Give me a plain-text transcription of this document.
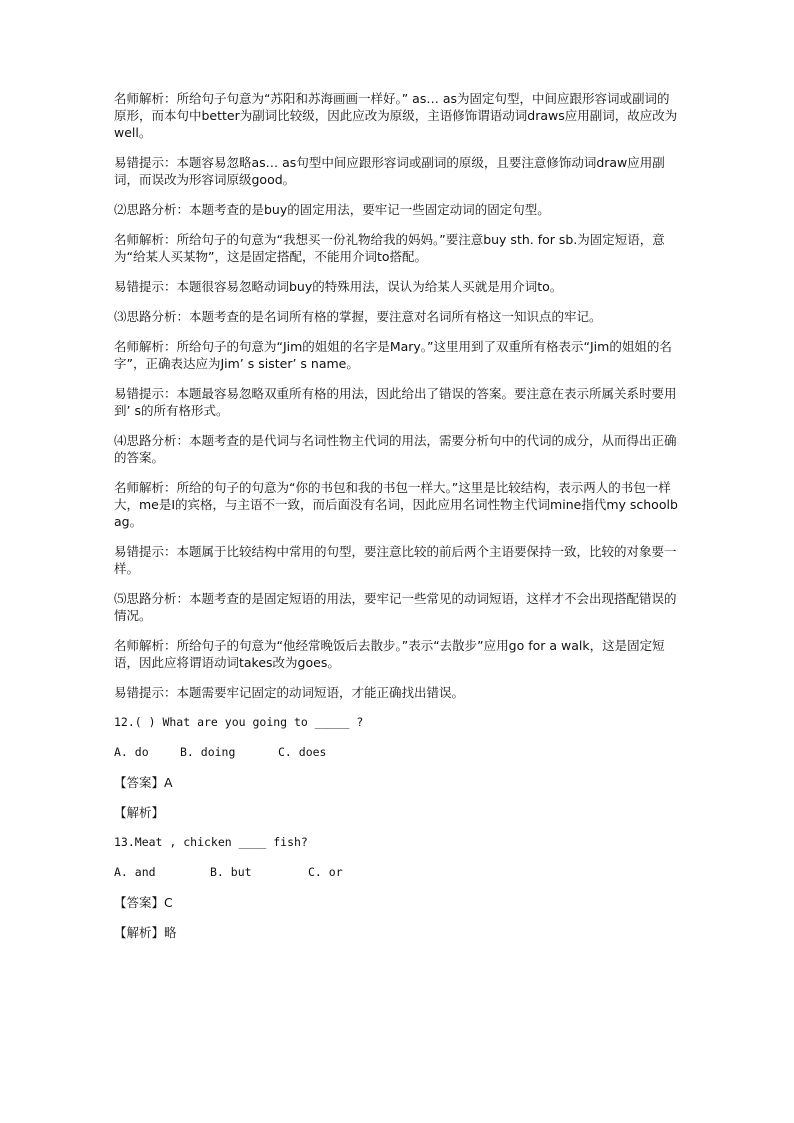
名师解析：所给句子句意为“苏阳和苏海画画一样好。” as… as为固定句型，中间应跟形容词或副词的原形，而本句中better为副词比较级，因此应改为原级，主语修饰谓语动词draws应用副词，故应改为well。

易错提示：本题容易忽略as… as句型中间应跟形容词或副词的原级，且要注意修饰动词draw应用副词，而误改为形容词原级good。

⑵思路分析：本题考查的是buy的固定用法，要牢记一些固定动词的固定句型。

名师解析：所给句子的句意为“我想买一份礼物给我的妈妈。”要注意buy sth. for sb.为固定短语，意为“给某人买某物”，这是固定搭配，不能用介词to搭配。

易错提示：本题很容易忽略动词buy的特殊用法，误认为给某人买就是用介词to。

⑶思路分析：本题考查的是名词所有格的掌握，要注意对名词所有格这一知识点的牢记。

名师解析：所给句子的句意为“Jim的姐姐的名字是Mary。”这里用到了双重所有格表示“Jim的姐姐的名字”，正确表达应为Jim’ s sister’ s name。

易错提示：本题最容易忽略双重所有格的用法，因此给出了错误的答案。要注意在表示所属关系时要用到’ s的所有格形式。

⑷思路分析：本题考查的是代词与名词性物主代词的用法，需要分析句中的代词的成分，从而得出正确的答案。

名师解析：所给的句子的句意为“你的书包和我的书包一样大。”这里是比较结构，表示两人的书包一样大，me是I的宾格，与主语不一致，而后面没有名词，因此应用名词性物主代词mine指代my schoolbag。

易错提示：本题属于比较结构中常用的句型，要注意比较的前后两个主语要保持一致，比较的对象要一样。

⑸思路分析：本题考查的是固定短语的用法，要牢记一些常见的动词短语，这样才不会出现搭配错误的情况。

名师解析：所给句子的句意为“他经常晚饭后去散步。”表示“去散步”应用go for a walk，这是固定短语，因此应将谓语动词takes改为goes。

易错提示：本题需要牢记固定的动词短语，才能正确找出错误。

12.( ) What are you going to _____ ?

A. do	B. doing	C. does

【答案】A

【解析】

13.Meat , chicken ____ fish?

A. and	B. but	C. or

【答案】C

【解析】略
